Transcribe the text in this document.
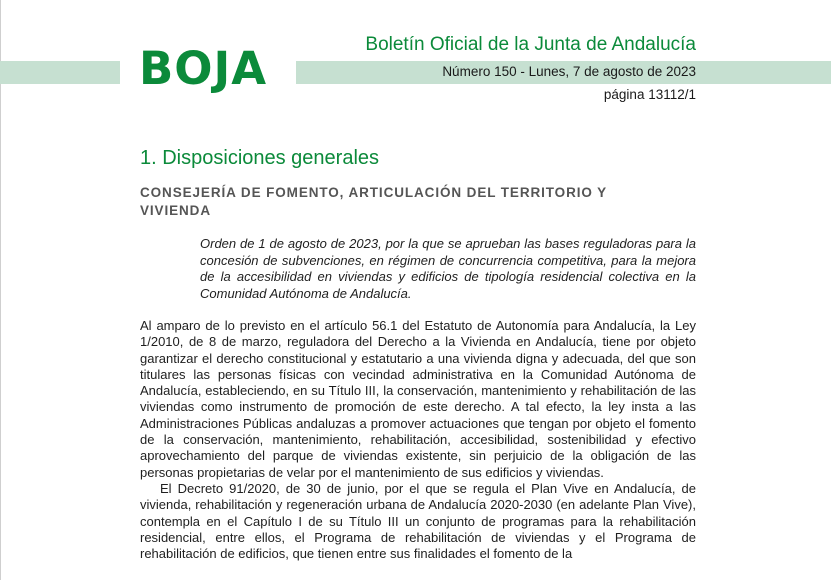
BOJA	Boletín Oficial de la Junta de Andalucía
Número 150 - Lunes, 7 de agosto de 2023
página 13112/1
1. Disposiciones generales
CONSEJERÍA DE FOMENTO, ARTICULACIÓN DEL TERRITORIO Y VIVIENDA
Orden de 1 de agosto de 2023, por la que se aprueban las bases reguladoras para la concesión de subvenciones, en régimen de concurrencia competitiva, para la mejora de la accesibilidad en viviendas y edificios de tipología residencial colectiva en la Comunidad Autónoma de Andalucía.

Al amparo de lo previsto en el artículo 56.1 del Estatuto de Autonomía para Andalucía, la Ley 1/2010, de 8 de marzo, reguladora del Derecho a la Vivienda en Andalucía, tiene por objeto garantizar el derecho constitucional y estatutario a una vivienda digna y adecuada, del que son titulares las personas físicas con vecindad administrativa en la Comunidad Autónoma de Andalucía, estableciendo, en su Título III, la conservación, mantenimiento y rehabilitación de las viviendas como instrumento de promoción de este derecho. A tal efecto, la ley insta a las Administraciones Públicas andaluzas a promover actuaciones que tengan por objeto el fomento de la conservación, mantenimiento, rehabilitación, accesibilidad, sostenibilidad y efectivo aprovechamiento del parque de viviendas existente, sin perjuicio de la obligación de las personas propietarias de velar por el mantenimiento de sus edificios y viviendas.

El Decreto 91/2020, de 30 de junio, por el que se regula el Plan Vive en Andalucía, de vivienda, rehabilitación y regeneración urbana de Andalucía 2020-2030 (en adelante Plan Vive), contempla en el Capítulo I de su Título III un conjunto de programas para la rehabilitación residencial, entre ellos, el Programa de rehabilitación de viviendas y el Programa de rehabilitación de edificios, que tienen entre sus finalidades el fomento de la
